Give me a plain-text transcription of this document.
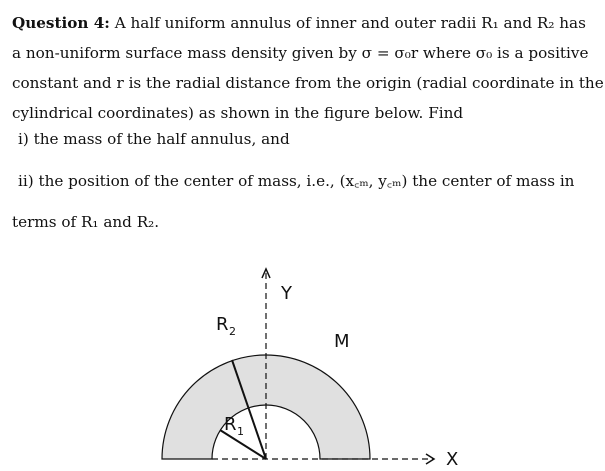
Question 4: A half uniform annulus of inner and outer radii R₁ and R₂ has
a non-uniform surface mass density given by σ = σ₀r where σ₀ is a positive
constant and r is the radial distance from the origin (radial coordinate in the
cylindrical coordinates) as shown in the figure below. Find
i) the mass of the half annulus, and
ii) the position of the center of mass, i.e., (x꜀ₘ, y꜀ₘ) the center of mass in
terms of R₁ and R₂.
X
Y
R 2
R 1
M
